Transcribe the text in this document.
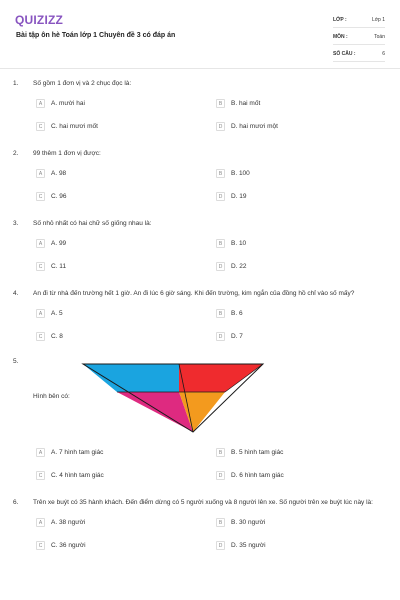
QUIZIZZ
Bài tập ôn hè Toán lớp 1 Chuyên đề 3 có đáp án
LỚP :	Lớp 1
MÔN :	Toán
SỐ CÂU :	6
1. Số gồm 1 đơn vị và 2 chục đọc là:
A	A. mười hai	B	B. hai mốt
C	C. hai mươi mốt	D	D. hai mươi một
2. 99 thêm 1 đơn vị được:
A	A. 98	B	B. 100
C	C. 96	D	D. 19
3. Số nhỏ nhất có hai chữ số giống nhau là:
A	A. 99	B	B. 10
C	C. 11	D	D. 22
4. An đi từ nhà đến trường hết 1 giờ. An đi lúc 6 giờ sáng. Khi đến trường, kim ngắn của đồng hồ chỉ vào số mấy?
A	A. 5	B	B. 6
C	C. 8	D	D. 7
5.
Hình bên có:
A	A. 7 hình tam giác	B	B. 5 hình tam giác
C	C. 4 hình tam giác	D	D. 6 hình tam giác
6. Trên xe buýt có 35 hành khách. Đến điểm dừng có 5 người xuống và 8 người lên xe. Số người trên xe buýt lúc này là:
A	A. 38 người	B	B. 30 người
C	C. 36 người	D	D. 35 người
